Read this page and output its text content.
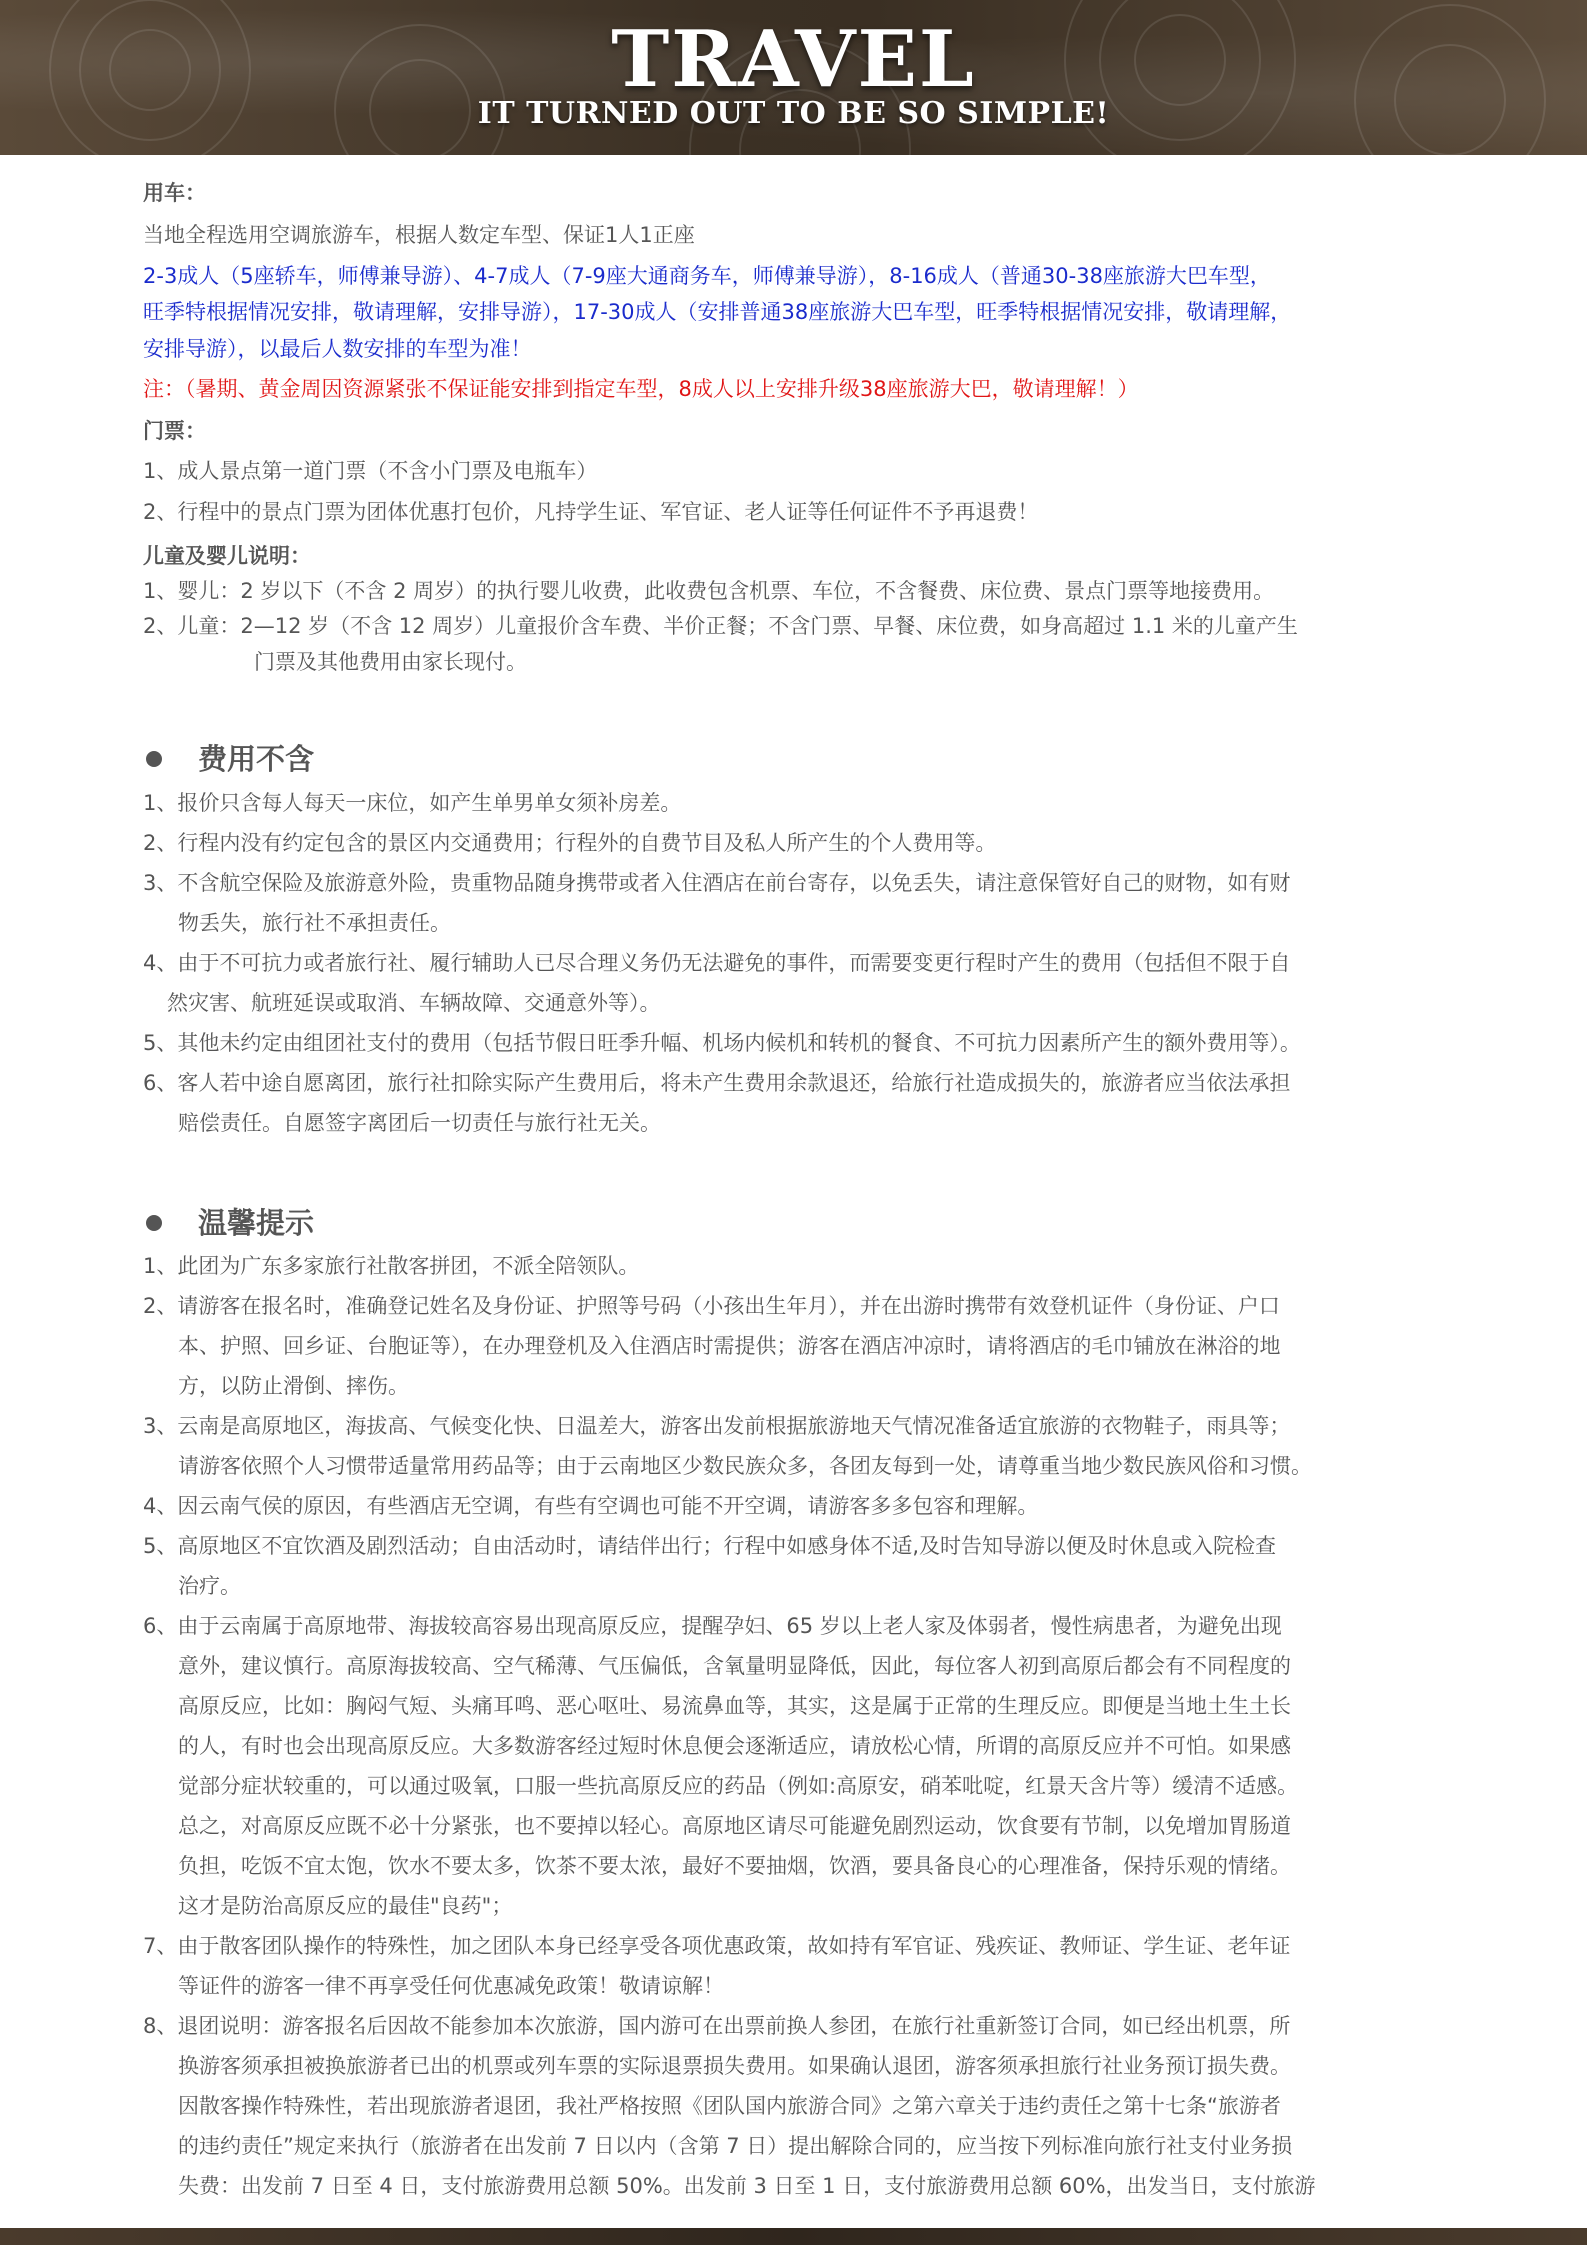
TRAVEL
IT TURNED OUT TO BE SO SIMPLE!
用车：
当地全程选用空调旅游车，根据人数定车型、保证1人1正座
2-3成人（5座轿车，师傅兼导游）、4-7成人（7-9座大通商务车，师傅兼导游），8-16成人（普通30-38座旅游大巴车型，
旺季特根据情况安排，敬请理解，安排导游），17-30成人（安排普通38座旅游大巴车型，旺季特根据情况安排，敬请理解，
安排导游），以最后人数安排的车型为准！
注：（暑期、黄金周因资源紧张不保证能安排到指定车型，8成人以上安排升级38座旅游大巴，敬请理解！）
门票：
1、成人景点第一道门票（不含小门票及电瓶车）
2、行程中的景点门票为团体优惠打包价，凡持学生证、军官证、老人证等任何证件不予再退费！
儿童及婴儿说明：
1、婴儿：2 岁以下（不含 2 周岁）的执行婴儿收费，此收费包含机票、车位，不含餐费、床位费、景点门票等地接费用。
2、儿童：2—12 岁（不含 12 周岁）儿童报价含车费、半价正餐；不含门票、早餐、床位费，如身高超过 1.1 米的儿童产生
门票及其他费用由家长现付。
费用不含
1、报价只含每人每天一床位，如产生单男单女须补房差。
2、行程内没有约定包含的景区内交通费用；行程外的自费节目及私人所产生的个人费用等。
3、不含航空保险及旅游意外险，贵重物品随身携带或者入住酒店在前台寄存，以免丢失，请注意保管好自己的财物，如有财
物丢失，旅行社不承担责任。
4、由于不可抗力或者旅行社、履行辅助人已尽合理义务仍无法避免的事件，而需要变更行程时产生的费用（包括但不限于自
然灾害、航班延误或取消、车辆故障、交通意外等）。
5、其他未约定由组团社支付的费用（包括节假日旺季升幅、机场内候机和转机的餐食、不可抗力因素所产生的额外费用等）。
6、客人若中途自愿离团，旅行社扣除实际产生费用后，将未产生费用余款退还，给旅行社造成损失的，旅游者应当依法承担
赔偿责任。自愿签字离团后一切责任与旅行社无关。
温馨提示
1、此团为广东多家旅行社散客拼团，不派全陪领队。
2、请游客在报名时，准确登记姓名及身份证、护照等号码（小孩出生年月），并在出游时携带有效登机证件（身份证、户口
本、护照、回乡证、台胞证等），在办理登机及入住酒店时需提供；游客在酒店冲凉时，请将酒店的毛巾铺放在淋浴的地
方，以防止滑倒、摔伤。
3、云南是高原地区，海拔高、气候变化快、日温差大，游客出发前根据旅游地天气情况准备适宜旅游的衣物鞋子，雨具等；
请游客依照个人习惯带适量常用药品等；由于云南地区少数民族众多，各团友每到一处，请尊重当地少数民族风俗和习惯。
4、因云南气侯的原因，有些酒店无空调，有些有空调也可能不开空调，请游客多多包容和理解。
5、高原地区不宜饮酒及剧烈活动；自由活动时，请结伴出行；行程中如感身体不适,及时告知导游以便及时休息或入院检查
治疗。
6、由于云南属于高原地带、海拔较高容易出现高原反应，提醒孕妇、65 岁以上老人家及体弱者，慢性病患者，为避免出现
意外，建议慎行。高原海拔较高、空气稀薄、气压偏低，含氧量明显降低，因此，每位客人初到高原后都会有不同程度的
高原反应，比如：胸闷气短、头痛耳鸣、恶心呕吐、易流鼻血等，其实，这是属于正常的生理反应。即便是当地土生土长
的人，有时也会出现高原反应。大多数游客经过短时休息便会逐渐适应，请放松心情，所谓的高原反应并不可怕。如果感
觉部分症状较重的，可以通过吸氧，口服一些抗高原反应的药品（例如:高原安，硝苯吡啶，红景天含片等）缓清不适感。
总之，对高原反应既不必十分紧张，也不要掉以轻心。高原地区请尽可能避免剧烈运动，饮食要有节制，以免增加胃肠道
负担，吃饭不宜太饱，饮水不要太多，饮茶不要太浓，最好不要抽烟，饮酒，要具备良心的心理准备，保持乐观的情绪。
这才是防治高原反应的最佳"良药"；
7、由于散客团队操作的特殊性，加之团队本身已经享受各项优惠政策，故如持有军官证、残疾证、教师证、学生证、老年证
等证件的游客一律不再享受任何优惠减免政策！敬请谅解！
8、退团说明：游客报名后因故不能参加本次旅游，国内游可在出票前换人参团，在旅行社重新签订合同，如已经出机票，所
换游客须承担被换旅游者已出的机票或列车票的实际退票损失费用。如果确认退团，游客须承担旅行社业务预订损失费。
因散客操作特殊性，若出现旅游者退团，我社严格按照《团队国内旅游合同》之第六章关于违约责任之第十七条“旅游者
的违约责任”规定来执行（旅游者在出发前 7 日以内（含第 7 日）提出解除合同的，应当按下列标准向旅行社支付业务损
失费：出发前 7 日至 4 日，支付旅游费用总额 50%。出发前 3 日至 1 日，支付旅游费用总额 60%，出发当日，支付旅游
